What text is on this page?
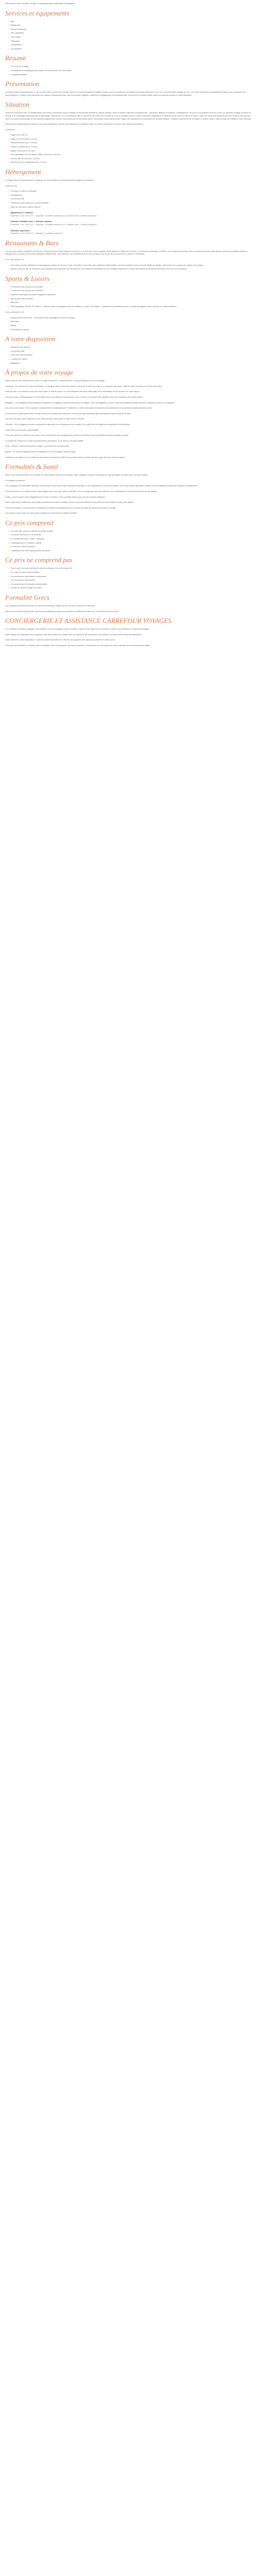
Découvrez le prix complet / Ce prix ne comprend pas l'ensemble Conciergerie

Services et équipements
• Wifi
• Restaurant
• Piscine extérieure
• Parc aquatique
• Club enfant
• Télévision
• Climatisation
• Conciergerie
Résumé
• 3 à 6 km de la plage
• Complètement stratégique pour partir à la découverte de Cherruelles
• 5 salariés qualifiés
Présentation

La Plage Hôtel & Appartements 4* est un hôtel situé au bord de l'Océan, dans un endroit tranquille de Matias, facile pour les couples et les familles et à seulement 300 m de l'une des plus belles plages de l'île. Cet hôtel vous offre la possibilité de passer des vacances très décontractées. L'endroit nous accueille une équipe chaleureuse pour une découverte originale, réfléchie et engagement environnemental. Découvrez l'excellent buffet varié aux saveurs locales et internationales.

Situation

Située au sud-est de l'île, la multiplication des Dieux et prémices d'une marquée d'une grande identité et culture antique, dans la beauté naturelle exceptionnelle : nouveaux ateliers de saveurs, d'atmosphère, de l'épi ou de grande île de la Grèce, un fabuleux voyage à travers la beauté et les paysages sauvages de la mythologie. Bienvenue ! Le commerçant, par le spécial de Hermes, est conforté si vous le souhaitez par le mode d'Hermines, Matalesal et Tambres ouvert vers la ville et la nature, avec de nombreux quartiers pour les enfants ainsi qu'une zone de loisirs commerciale où les produits traditionnels ont été renouvelés par de nouvelles idées. Découvrez aussi dans la belle région de Kardamena, où la pêche est de toute beauté, et faites l'expérience de la nature en pleine nature, avec la baie de Kefalos et ses chemins.

Découvrez le restaurant de l'hôtel en une pause délicieuse, l'accès aux collines d'un caractère idéal, et toute la beauté de la Grèce, des cultures anciennes.

A proximité :

• Plage (env. 250 m)
• Plage de Tholos (env. 2,5 km)
• Paradise Beach (env. 2,9 km)
• Palais de Mastia (env. 3,6 km)
• Mastic Fronto (env. 3,4 km)
• Parc aquatique de Lido Beach Water Park (env. 5,8 km)
• Centre-ville de Kos (env. 3,6 km)
• Aéroport de Kos Ippokratis (env. 7,8 km)
Hébergement

La Plage Hôtel & Appartements 4* dispose de 125 chambres et appartements, élégants et spacieux.

Equipements :

• Terrasse ou balcon aménagé
• Climatisation
• Connexion Wifi
• Télévision écran plat avec chaînes satellite
• Salle de bain avec cabine douche
Appartement 1 chambre
Superficie : env. 40-50 m² – Capacité : 4 adultes maximum ou 2 adultes avec 2 enfants maximum
Chambre Familiale avec 1 chambre séparée
Superficie : env. 40-42 m² – Capacité : 4 adultes maximum ou 2 adultes avec 2 enfants maximum
Chambre supérieure
Superficie : env. 28-32 m² – Capacité : 2 adultes maximum
Restaurants & Bars

Lors de votre séjour, profitez de la formule «Demi-pension» (Petit-déjeuner et dîner) ou la formule «Tout compris» (Petit-déjeuner, déjeuner et dîner). Le restaurant principal «L'Olivia» vous propose un buffet varié à volonté dans une salle grande cernée de multiples salles à manger dans le cadre de la cuisine grecque traditionnelle. Des boissons vous attendent au bar de la piscine sur le bar qui se trouve sur le balcon à l'extérieur.

Avec participation (€) :

• Une toute nouvelle pâtisserie la boulangerie-maison de 26 avec trugs, est prête à vous offrir des variantes d'alimentation sur des produits locaux et de fleuristes du village, ainsi qu'un bon conseil de cuisine de la région.
• Rendez-vous au bar de la piscine pour déguster des boissons non alcoolisées, des boissons alcoolisées et des cocktails artisanaux. Prenez des moments de détente absolue, avec vue sur la piscine.
Sports & Loisirs
• 2 Piscines d'eau douce pour adultes
• 2 piscines d'eau douce pour enfants
• Solarium aménagé de chaises longues et parasols
• Aire de jeux pour enfants
• Mini-club
• Parc Aquatique SHERLOPI AQUA : 3 piscine avec 3 toboggans pour les adultes, un pour les enfants : 3 piscines pour enfants et avec 3 petits toboggans (selon période et programmation).

Avec participation (€) :

• Espace Spa et bien-être : mini-sauna avec massages et soins du visage
• Hammam
• Billard
• Sorcelleries et ploufs
A votre disposition
• Réception (24 heures)
• Connexion Wifi
• Carte de crédit acceptée
• Location de voiture
• Bagagerie
À propos de votre voyage

Nous voulons vous informer que le prix de base comprend 1 chambre selon la personnalisation de votre voyage.

Transport : En fonction de votre destination, le transport aérien est inclus dans le prix pour la durée du séjour : le transport aéroport / hôtel et hôtel / aéroport en Grèce est inclus.

Frais de visa : Les visas ne sont pas inclus dans le tarif du séjour. Le visa dépendra de votre nationalité, de la destination et de la durée de votre séjour.

Les prix et taux d'hébergement et d'inscription sont tous affichés par personne pour le séjour. Ils peuvent être ajustés selon les conditions de la réservation.

Bagages : Les voyageurs sont autorisés à emporter un bagage à main par personne en cabine. Pour les bagages en soute, des frais supplémentaires peuvent s'appliquer selon la compagnie.

Les prix de la formule «Tout compris» comprennent le petit-déjeuner, le déjeuner, le dîner ainsi que les boissons non alcoolisées et alcoolisées locales servies au bar.

Pour pouvoir profiter pleinement de votre séjour, les enfants de moins de 2 ans ne sont pas acceptés dans les piscines sans couches de bain.

Une taxe de séjour (par chambre et par nuit) peut être demandée à votre arrivée à l'hôtel.

Sécurité : Des voyageurs peuvent demander à disposer d'un cadenas pour les casiers. Un coffre-fort est également disponible à la réception.

Cette offre est soumise à disponibilité.

Pour des raisons de santé et de confort, nous conseillons aux voyageurs de suivre les conseils et recommandations des autorités de santé.

Le départ de l'hôtel est à 12h00 sauf demande particulière, sous réserve de disponibilité.

Frais : dossier à 25€ par personne à régler au moment de la réservation.

Bébés : 0-2 ans sont gratuits selon la législation de la compagnie, pas de siège.

Conditions de paiement : Le dépôt de réservation correspond à 30% du montant total et le solde doit être payé 30 jours avant le départ.

Formalités & Santé

Nous vous recommandons de consulter les informations utiles pour préparer votre voyage et prendre connaissance des actualités du pays que vous allez visiter.

Formalités douanières :

Les voyageurs de nationalité française doivent être munis d'une carte nationale d'identité ou d'un passeport en cours de validité. Pour toute autre nationalité, veuillez vous renseigner auprès des autorités compétentes.

Pour les mineurs : un enfant mineur doit voyager avec sa propre pièce d'identité. S'il ne voyage pas avec ses parents, une autorisation de sortie du territoire est nécessaire.

Santé : aucun vaccin n'est obligatoire pour entrer en Grèce. Il est conseillé d'être à jour de ses vaccins habituels.

Toute information relative aux formalités douanières peut être modifiée. Nous vous recommandons de vérifier les informations avant votre départ.

Pour les étrangers, il est fortement conseillé de consulter l'ambassade ou le consulat du pays de destination avant le voyage.

Vous devez vous munir de votre carte européenne d'assurance maladie (CEAM).

Ce prix comprend
• Les vols aller-retour au départ de la ville choisie
• Les taxes aériennes et de sécurité
• Le transfert aéroport / hôtel / aéroport
• L'hébergement en chambre double
• La formule «Demi-pension»
• L'assistance de notre représentant sur place
Ce prix ne comprend pas
• Tout ce qui n'est pas mentionné dans la rubrique «Ce prix comprend»
• Les frais de visa et de formalités
• Les assurances (annulation, multirisque)
• Les excursions optionnelles
• Les pourboires et dépenses personnelles
• La taxe de séjour à régler sur place
Formalité Grecs

Les voyageurs doivent présenter un document d'identité valide lors de l'arrivée à l'hôtel et à l'aéroport.

Nous vous conseillons de vérifier auprès des autorités grecques les dernières conditions d'entrée sur le territoire avant de partir.

CONCIERGERIE ET ASSISTANCE CARREFOUR VOYAGES

Un Conseiller Carrefour Voyages Conciergerie vous accompagne avant, pendant et après votre séjour pour répondre à toutes vos questions et vous accompagner.

Notre équipe est disponible pour organiser des réservations de restaurants, de transferts, de spectacles, d'excursions ou toute autre demande particulière.

Nous mettons à votre disposition un service client disponible 7j/7 afin de vous garantir des vacances sereines et sans souci.

Pour plus d'informations, n'hésitez pas à contacter notre conciergerie, qui saura répondre à l'ensemble de vos besoins et vous proposer des services personnalisés.
